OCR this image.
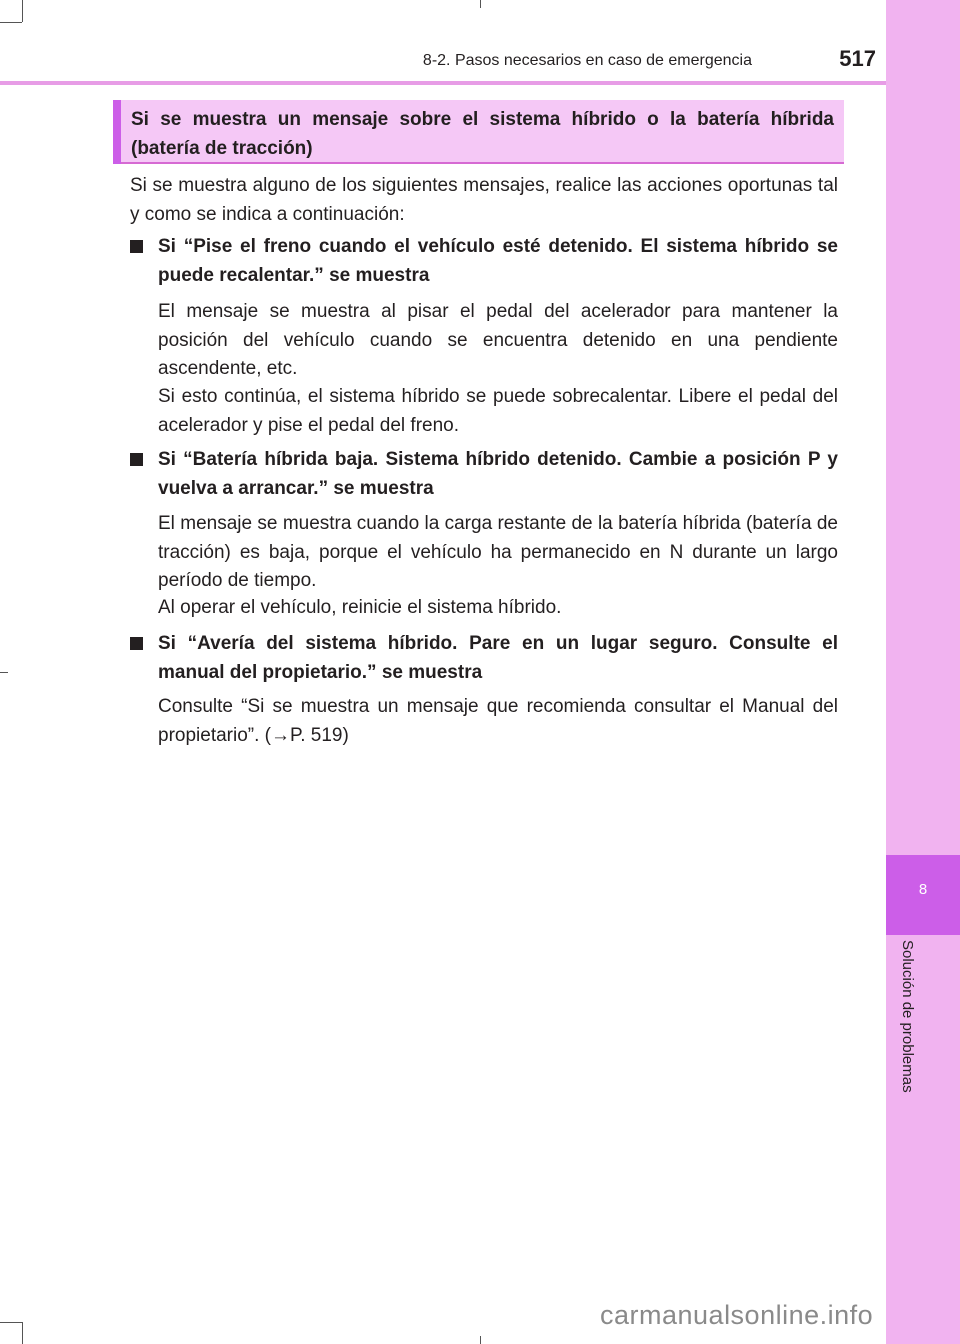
8
Solución de problemas
8-2. Pasos necesarios en caso de emergencia	517
Si se muestra un mensaje sobre el sistema híbrido o la batería híbrida (batería de tracción)
Si se muestra alguno de los siguientes mensajes, realice las acciones oportunas tal y como se indica a continuación:
Si “Pise el freno cuando el vehículo esté detenido. El sistema híbrido se puede recalentar.” se muestra
El mensaje se muestra al pisar el pedal del acelerador para mantener la posición del vehículo cuando se encuentra detenido en una pendiente ascendente, etc.
Si esto continúa, el sistema híbrido se puede sobrecalentar. Libere el pedal del acelerador y pise el pedal del freno.
Si “Batería híbrida baja. Sistema híbrido detenido. Cambie a posición P y vuelva a arrancar.” se muestra
El mensaje se muestra cuando la carga restante de la batería híbrida (batería de tracción) es baja, porque el vehículo ha permanecido en N durante un largo período de tiempo.
Al operar el vehículo, reinicie el sistema híbrido.
Si “Avería del sistema híbrido. Pare en un lugar seguro. Consulte el manual del propietario.” se muestra
Consulte “Si se muestra un mensaje que recomienda consultar el Manual del propietario”. (→P. 519)
carmanualsonline.info
